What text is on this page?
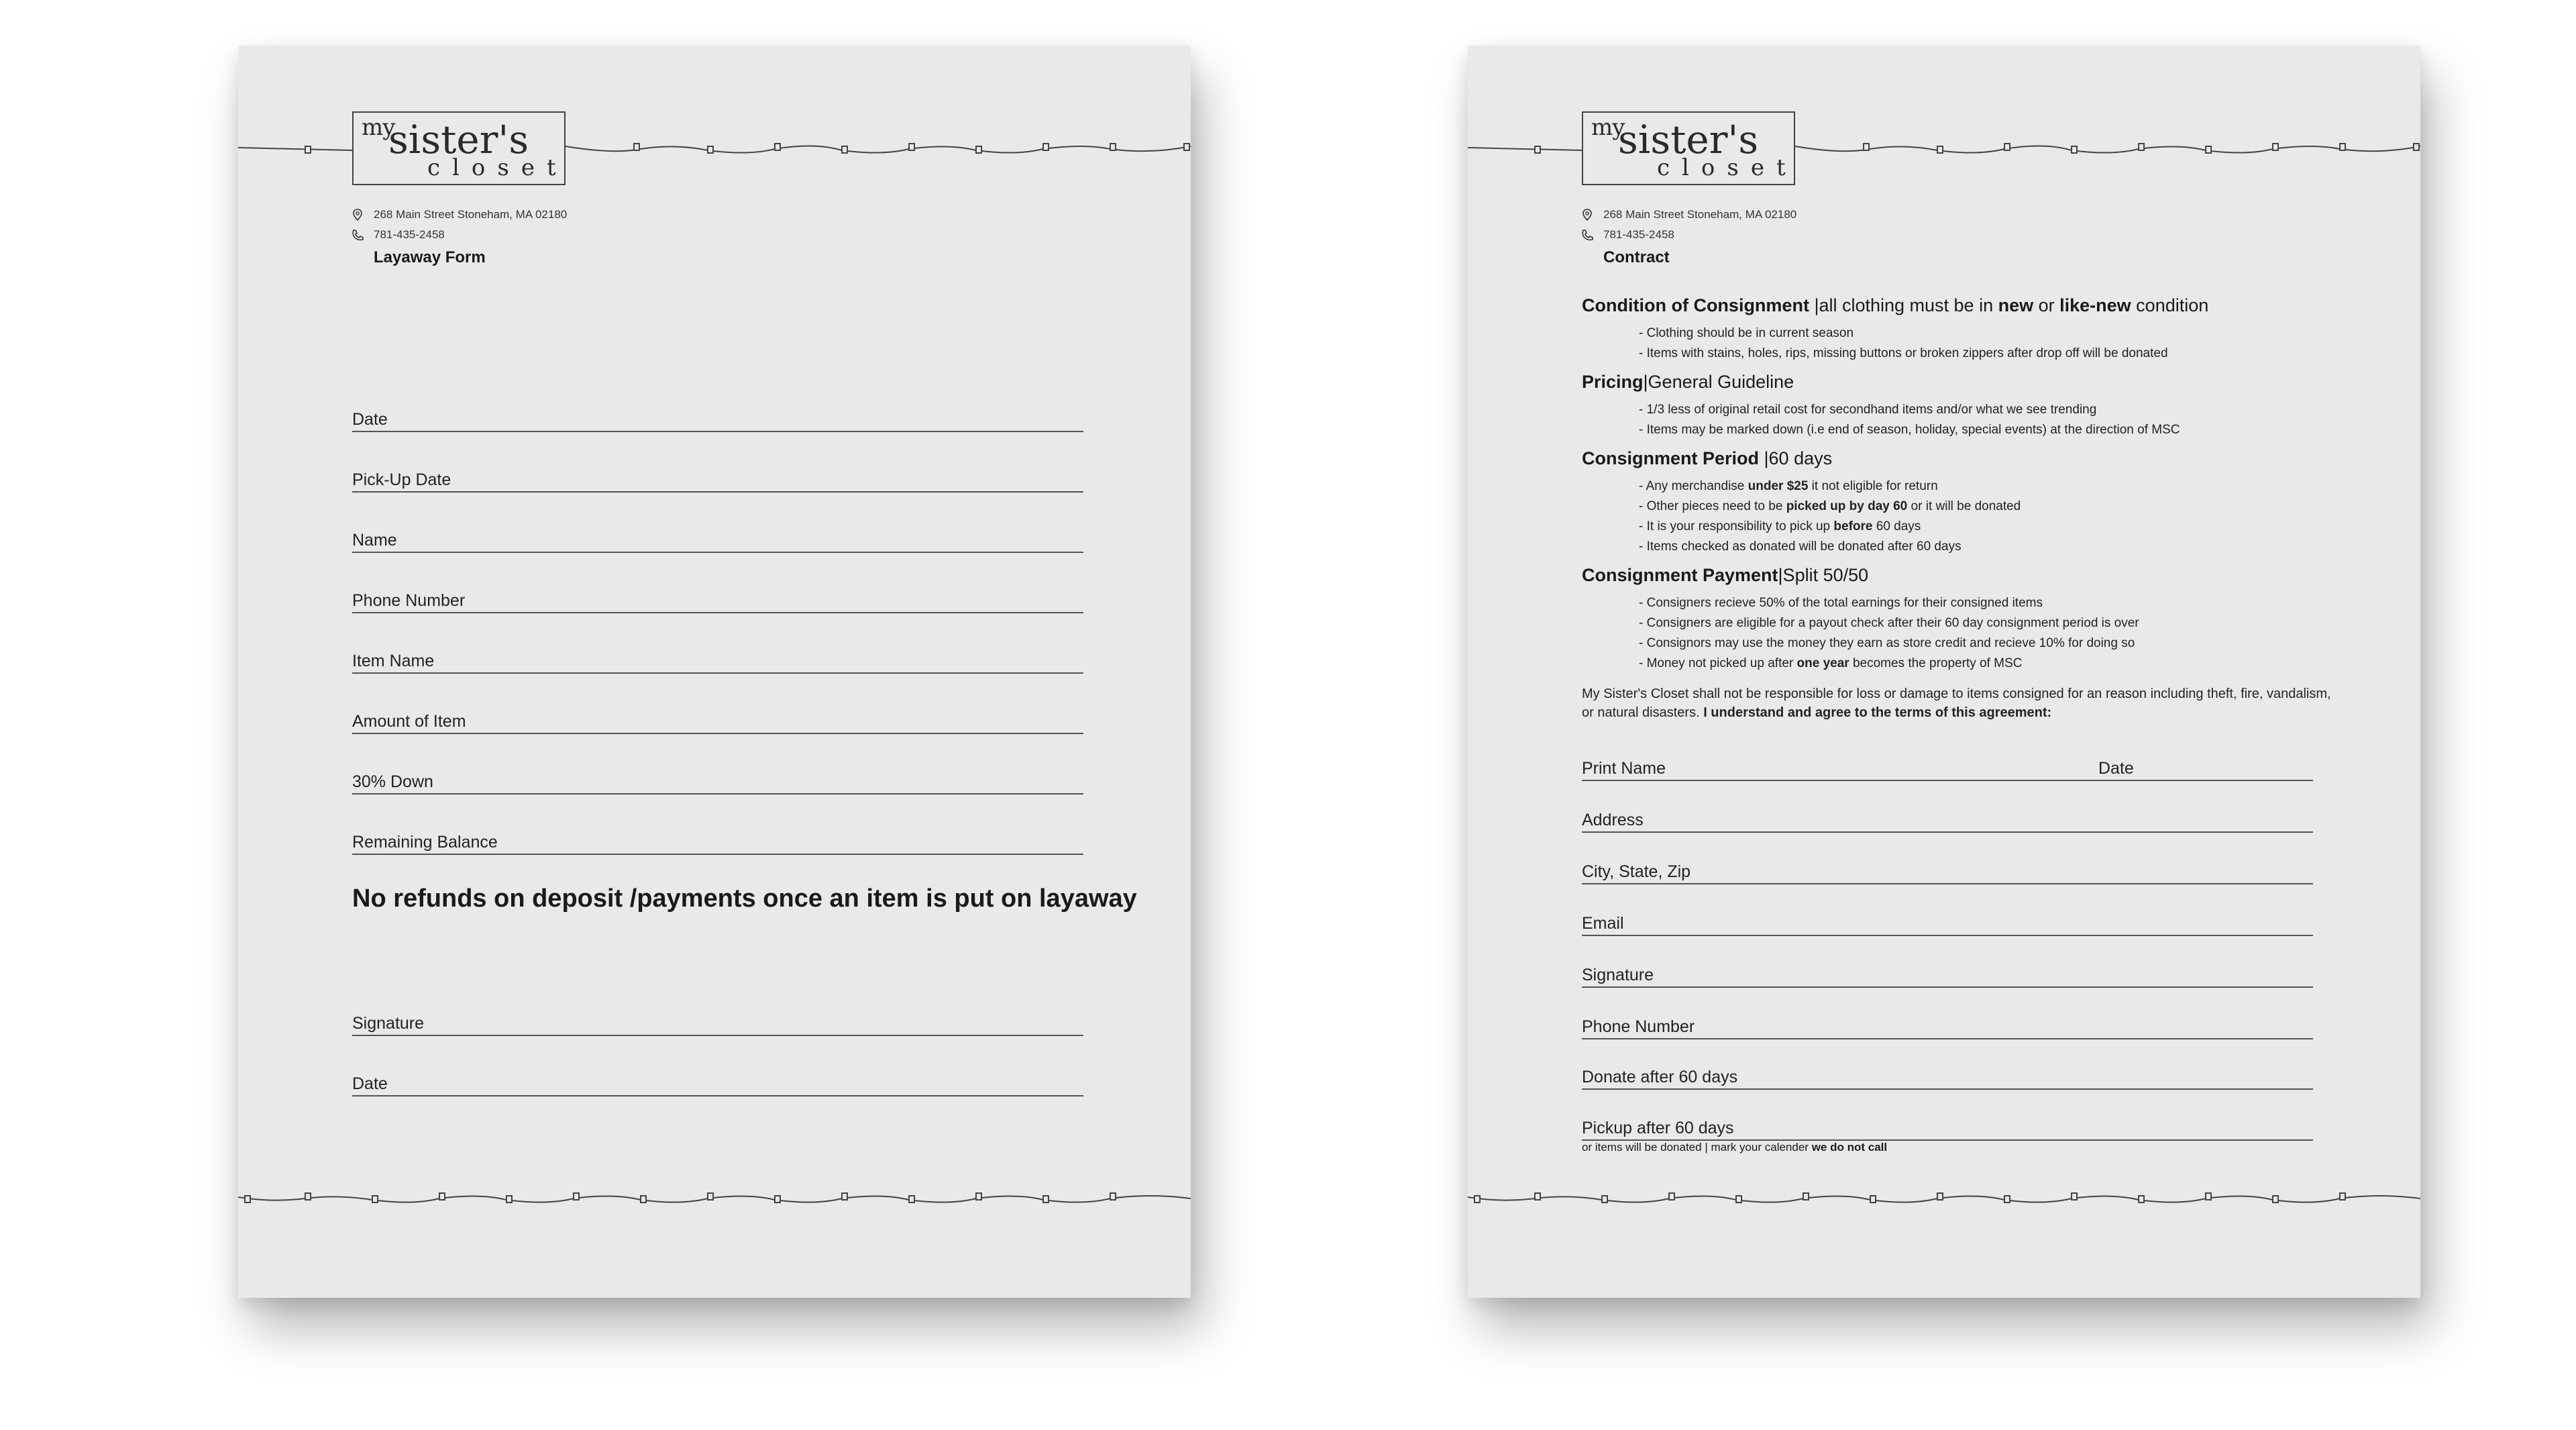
my
sister's
closet
268 Main Street Stoneham, MA 02180
781-435-2458
Layaway Form
Date
Pick-Up Date
Name
Phone Number
Item Name
Amount of Item
30% Down
Remaining Balance
No refunds on deposit /payments once an item is put on layaway
Signature
Date
my
sister's
closet
268 Main Street Stoneham, MA 02180
781-435-2458
Contract
Condition of Consignment |all clothing must be in new or like-new condition
- Clothing should be in current season
- Items with stains, holes, rips, missing buttons or broken zippers after drop off will be donated
Pricing|General Guideline
- 1/3 less of original retail cost for secondhand items and/or what we see trending
- Items may be marked down (i.e end of season, holiday, special events) at the direction of MSC
Consignment Period |60 days
- Any merchandise under $25 it not eligible for return
- Other pieces need to be picked up by day 60 or it will be donated
- It is your responsibility to pick up before 60 days
- Items checked as donated will be donated after 60 days
Consignment Payment|Split 50/50
- Consigners recieve 50% of the total earnings for their consigned items
- Consigners are eligible for a payout check after their 60 day consignment period is over
- Consignors may use the money they earn as store credit and recieve 10% for doing so
- Money not picked up after one year becomes the property of MSC
My Sister's Closet shall not be responsible for loss or damage to items consigned for an reason including theft, fire, vandalism, or natural disasters. I understand and agree to the terms of this agreement:
Print Name	Date
Address
City, State, Zip
Email
Signature
Phone Number
Donate after 60 days
Pickup after 60 days
or items will be donated | mark your calender we do not call
